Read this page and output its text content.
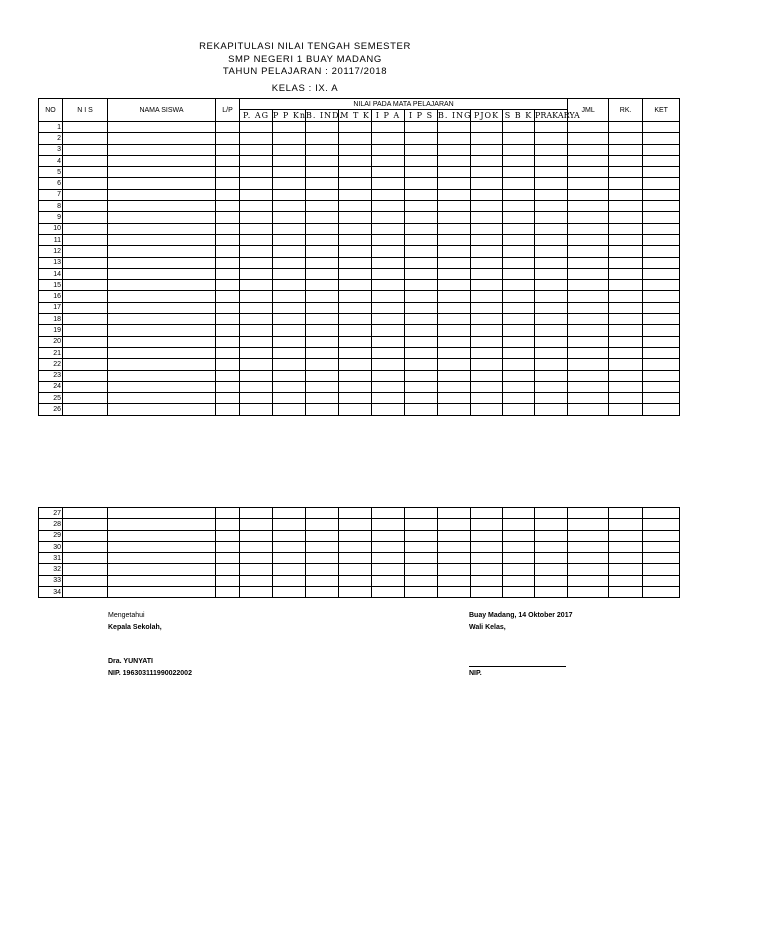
REKAPITULASI NILAI TENGAH SEMESTER
SMP NEGERI 1 BUAY MADANG
TAHUN PELAJARAN : 20117/2018
KELAS : IX. A
NO	N I S	NAMA SISWA	L/P	NILAI PADA MATA PELAJARAN										JML	RK.	KET
				P. AG	P P Kn	B. IND.	M T K	I P A	I P S	B. ING	PJOK	S B K	PRAKARYA			
1																
2																
3																
4																
5																
6																
7																
8																
9																
10																
11																
12																
13																
14																
15																
16																
17																
18																
19																
20																
21																
22																
23																
24																
25																
26																
27																
28																
29																
30																
31																
32																
33																
34																
Mengetahui
Kepala Sekolah,
Dra. YUNYATI
NIP. 196303111990022002
Buay Madang, 14 Oktober 2017
Wali Kelas,
NIP.
